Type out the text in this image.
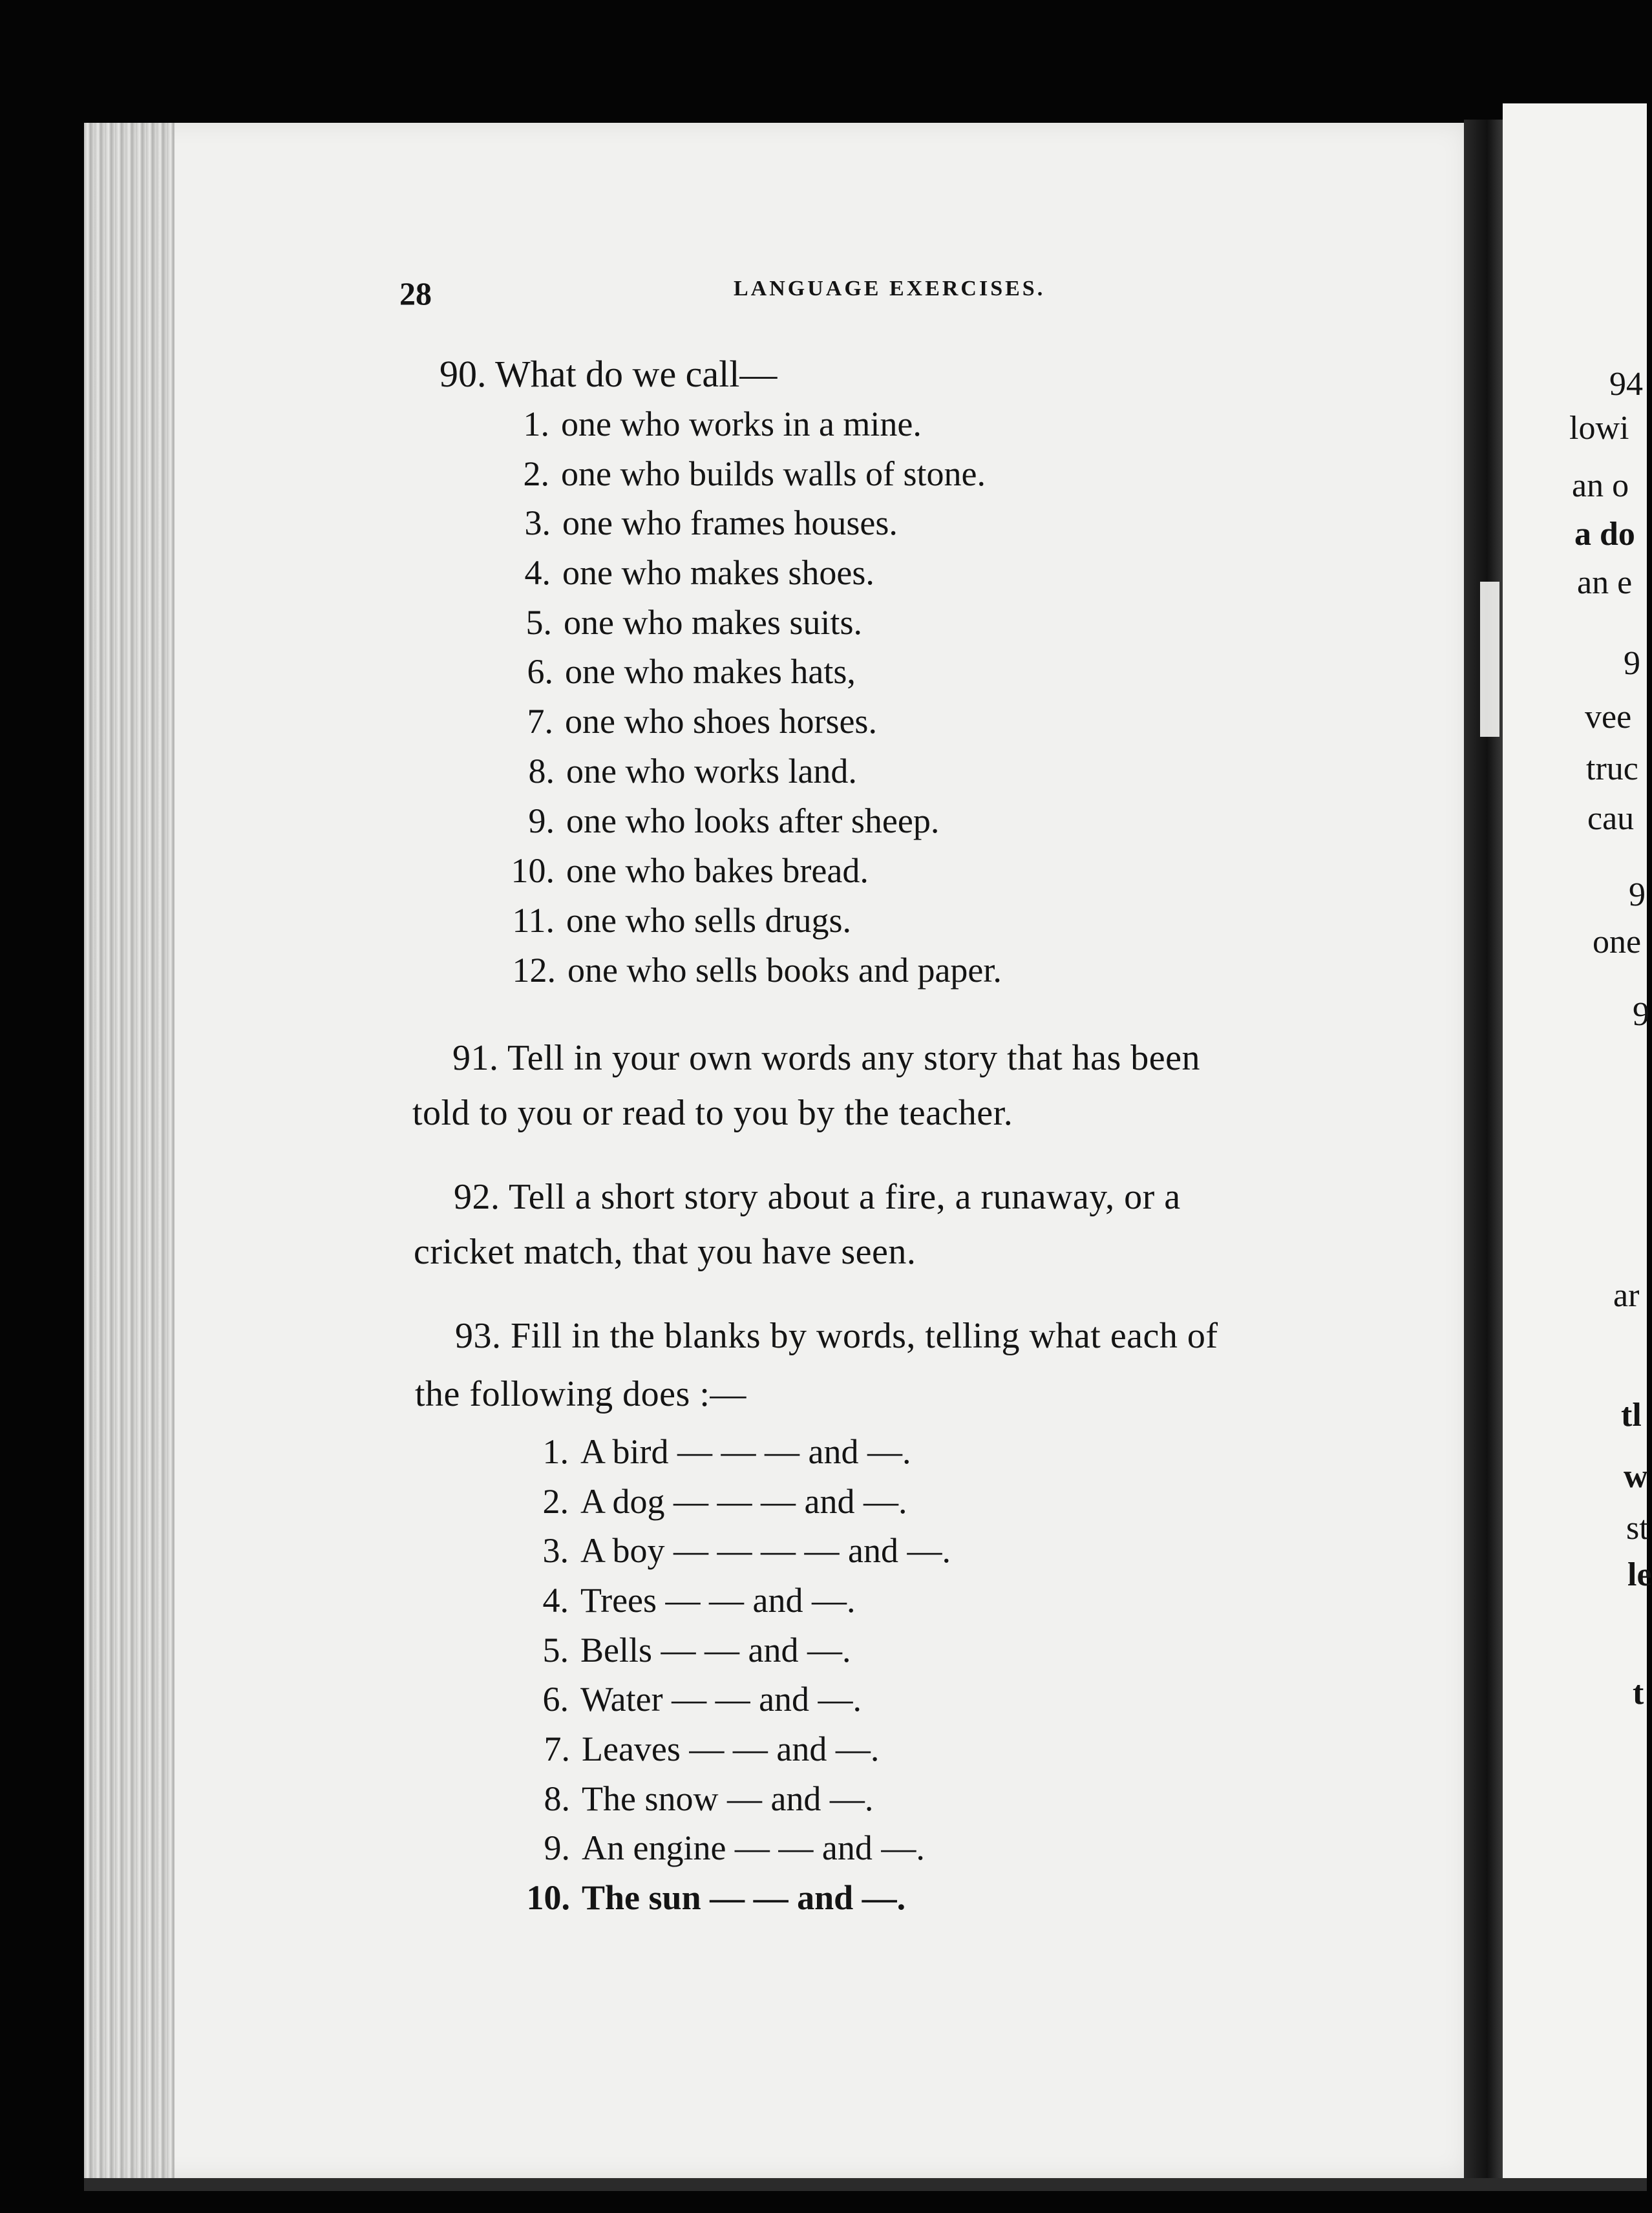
28	LANGUAGE EXERCISES.
90. What do we call—
1. one who works in a mine.
2. one who builds walls of stone.
3. one who frames houses.
4. one who makes shoes.
5. one who makes suits.
6. one who makes hats,
7. one who shoes horses.
8. one who works land.
9. one who looks after sheep.
10. one who bakes bread.
11. one who sells drugs.
12. one who sells books and paper.
91. Tell in your own words any story that has been
told to you or read to you by the teacher.
92. Tell a short story about a fire, a runaway, or a
cricket match, that you have seen.
93. Fill in the blanks by words, telling what each of
the following does :—
1. A bird — — — and —.
2. A dog — — — and —.
3. A boy — — — — and —.
4. Trees — — and —.
5. Bells — — and —.
6. Water — — and —.
7. Leaves — — and —.
8. The snow — and —.
9. An engine — — and —.
10. The sun — — and —.
94
lowi
an o
a do
an e
9
vee
truc
cau
9
one
9
ar
tl
w
st
le
t
